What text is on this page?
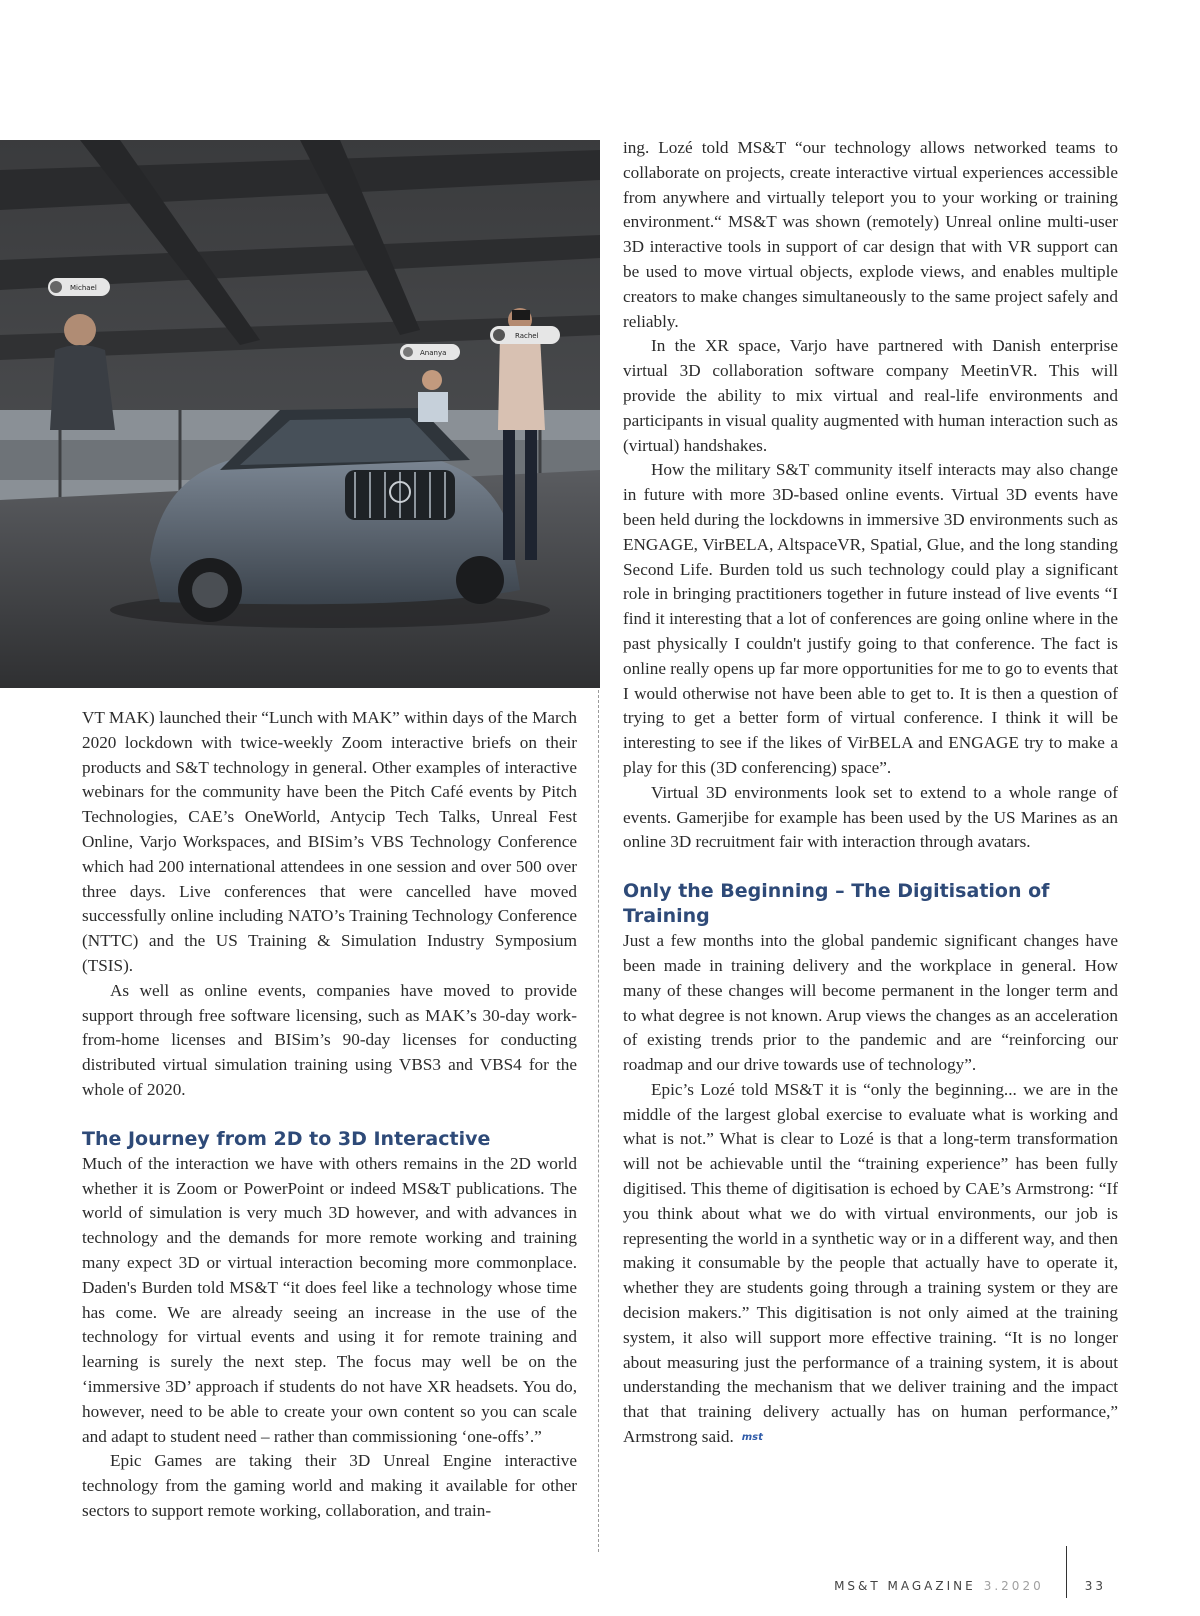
Michael
Ananya
Rachel

VT MAK) launched their “Lunch with MAK” within days of the March 2020 lockdown with twice-weekly Zoom interactive briefs on their products and S&T technology in general. Other examples of interactive webinars for the community have been the Pitch Café events by Pitch Technologies, CAE’s OneWorld, Antycip Tech Talks, Unreal Fest Online, Varjo Workspaces, and BISim’s VBS Technology Conference which had 200 international attendees in one session and over 500 over three days. Live conferences that were cancelled have moved successfully online including NATO’s Training Technology Conference (NTTC) and the US Training & Simulation Industry Symposium (TSIS).

As well as online events, companies have moved to provide support through free software licensing, such as MAK’s 30-day work-from-home licenses and BISim’s 90-day licenses for conducting distributed virtual simulation training using VBS3 and VBS4 for the whole of 2020.

The Journey from 2D to 3D Interactive

Much of the interaction we have with others remains in the 2D world whether it is Zoom or PowerPoint or indeed MS&T publications. The world of simulation is very much 3D however, and with advances in technology and the demands for more remote working and training many expect 3D or virtual interaction becoming more commonplace. Daden's Burden told MS&T “it does feel like a technology whose time has come. We are already seeing an increase in the use of the technology for virtual events and using it for remote training and learning is surely the next step. The focus may well be on the ‘immersive 3D’ approach if students do not have XR headsets. You do, however, need to be able to create your own content so you can scale and adapt to student need – rather than commissioning ‘one-offs’.”

Epic Games are taking their 3D Unreal Engine interactive technology from the gaming world and making it available for other sectors to support remote working, collaboration, and train-

ing. Lozé told MS&T “our technology allows networked teams to collaborate on projects, create interactive virtual experiences accessible from anywhere and virtually teleport you to your working or training environment.“ MS&T was shown (remotely) Unreal online multi-user 3D interactive tools in support of car design that with VR support can be used to move virtual objects, explode views, and enables multiple creators to make changes simultaneously to the same project safely and reliably.

In the XR space, Varjo have partnered with Danish enterprise virtual 3D collaboration software company MeetinVR. This will provide the ability to mix virtual and real-life environments and participants in visual quality augmented with human interaction such as (virtual) handshakes.

How the military S&T community itself interacts may also change in future with more 3D-based online events. Virtual 3D events have been held during the lockdowns in immersive 3D environments such as ENGAGE, VirBELA, AltspaceVR, Spatial, Glue, and the long standing Second Life. Burden told us such technology could play a significant role in bringing practitioners together in future instead of live events “I find it interesting that a lot of conferences are going online where in the past physically I couldn't justify going to that conference. The fact is online really opens up far more opportunities for me to go to events that I would otherwise not have been able to get to. It is then a question of trying to get a better form of virtual conference. I think it will be interesting to see if the likes of VirBELA and ENGAGE try to make a play for this (3D conferencing) space”.

Virtual 3D environments look set to extend to a whole range of events. Gamerjibe for example has been used by the US Marines as an online 3D recruitment fair with interaction through avatars.

Only the Beginning – The Digitisation of Training

Just a few months into the global pandemic significant changes have been made in training delivery and the workplace in general. How many of these changes will become permanent in the longer term and to what degree is not known. Arup views the changes as an acceleration of existing trends prior to the pandemic and are “reinforcing our roadmap and our drive towards use of technology”.

Epic’s Lozé told MS&T it is “only the beginning... we are in the middle of the largest global exercise to evaluate what is working and what is not.” What is clear to Lozé is that a long-term transformation will not be achievable until the “training experience” has been fully digitised. This theme of digitisation is echoed by CAE’s Armstrong: “If you think about what we do with virtual environments, our job is representing the world in a synthetic way or in a different way, and then making it consumable by the people that actually have to operate it, whether they are students going through a training system or they are decision makers.” This digitisation is not only aimed at the training system, it also will support more effective training. “It is no longer about measuring just the performance of a training system, it is about understanding the mechanism that we deliver training and the impact that that training delivery actually has on human performance,” Armstrong said. mst

MS&T MAGAZINE 3.2020	33
